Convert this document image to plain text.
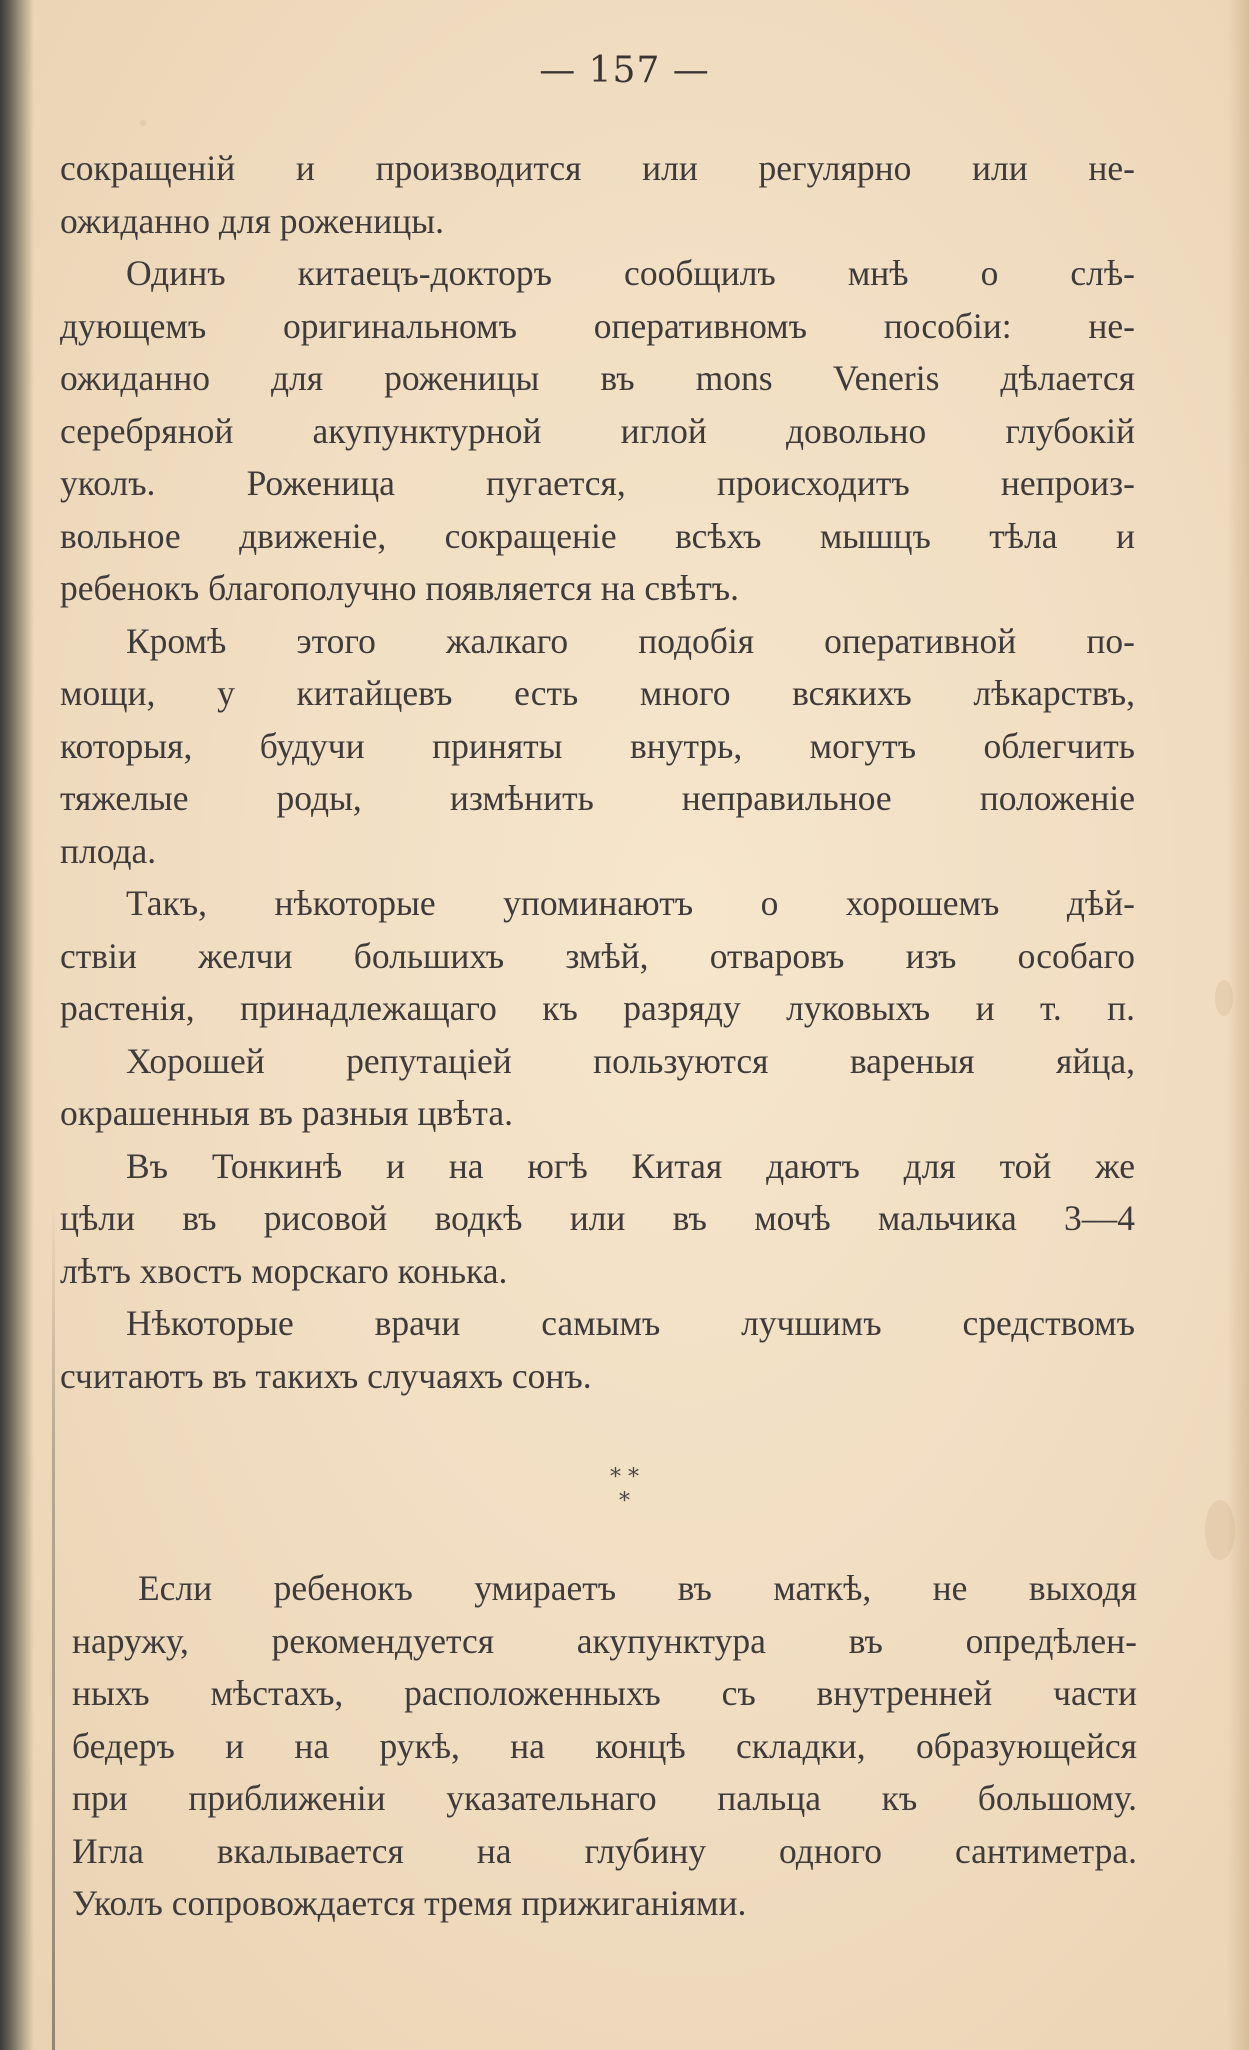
— 157 —
сокращеній и производится или регулярно или не-
ожиданно для роженицы.
Одинъ китаецъ-докторъ сообщилъ мнѣ о слѣ-
дующемъ оригинальномъ оперативномъ пособіи: не-
ожиданно для роженицы въ mons Veneris дѣлается
серебряной акупунктурной иглой довольно глубокій
уколъ. Роженица пугается, происходитъ непроиз-
вольное движеніе, сокращеніе всѣхъ мышцъ тѣла и
ребенокъ благополучно появляется на свѣтъ.
Кромѣ этого жалкаго подобія оперативной по-
мощи, у китайцевъ есть много всякихъ лѣкарствъ,
которыя, будучи приняты внутрь, могутъ облегчить
тяжелые роды, измѣнить неправильное положеніе
плода.
Такъ, нѣкоторые упоминаютъ о хорошемъ дѣй-
ствіи желчи большихъ змѣй, отваровъ изъ особаго
растенія, принадлежащаго къ разряду луковыхъ и т. п.
Хорошей репутаціей пользуются вареныя яйца,
окрашенныя въ разныя цвѣта.
Въ Тонкинѣ и на югѣ Китая даютъ для той же
цѣли въ рисовой водкѣ или въ мочѣ мальчика 3—4
лѣтъ хвостъ морскаго конька.
Нѣкоторые врачи самымъ лучшимъ средствомъ
считаютъ въ такихъ случаяхъ сонъ.
* *
*
Если ребенокъ умираетъ въ маткѣ, не выходя
наружу, рекомендуется акупунктура въ опредѣлен-
ныхъ мѣстахъ, расположенныхъ съ внутренней части
бедеръ и на рукѣ, на концѣ складки, образующейся
при приближеніи указательнаго пальца къ большому.
Игла вкалывается на глубину одного сантиметра.
Уколъ сопровождается тремя прижиганіями.
